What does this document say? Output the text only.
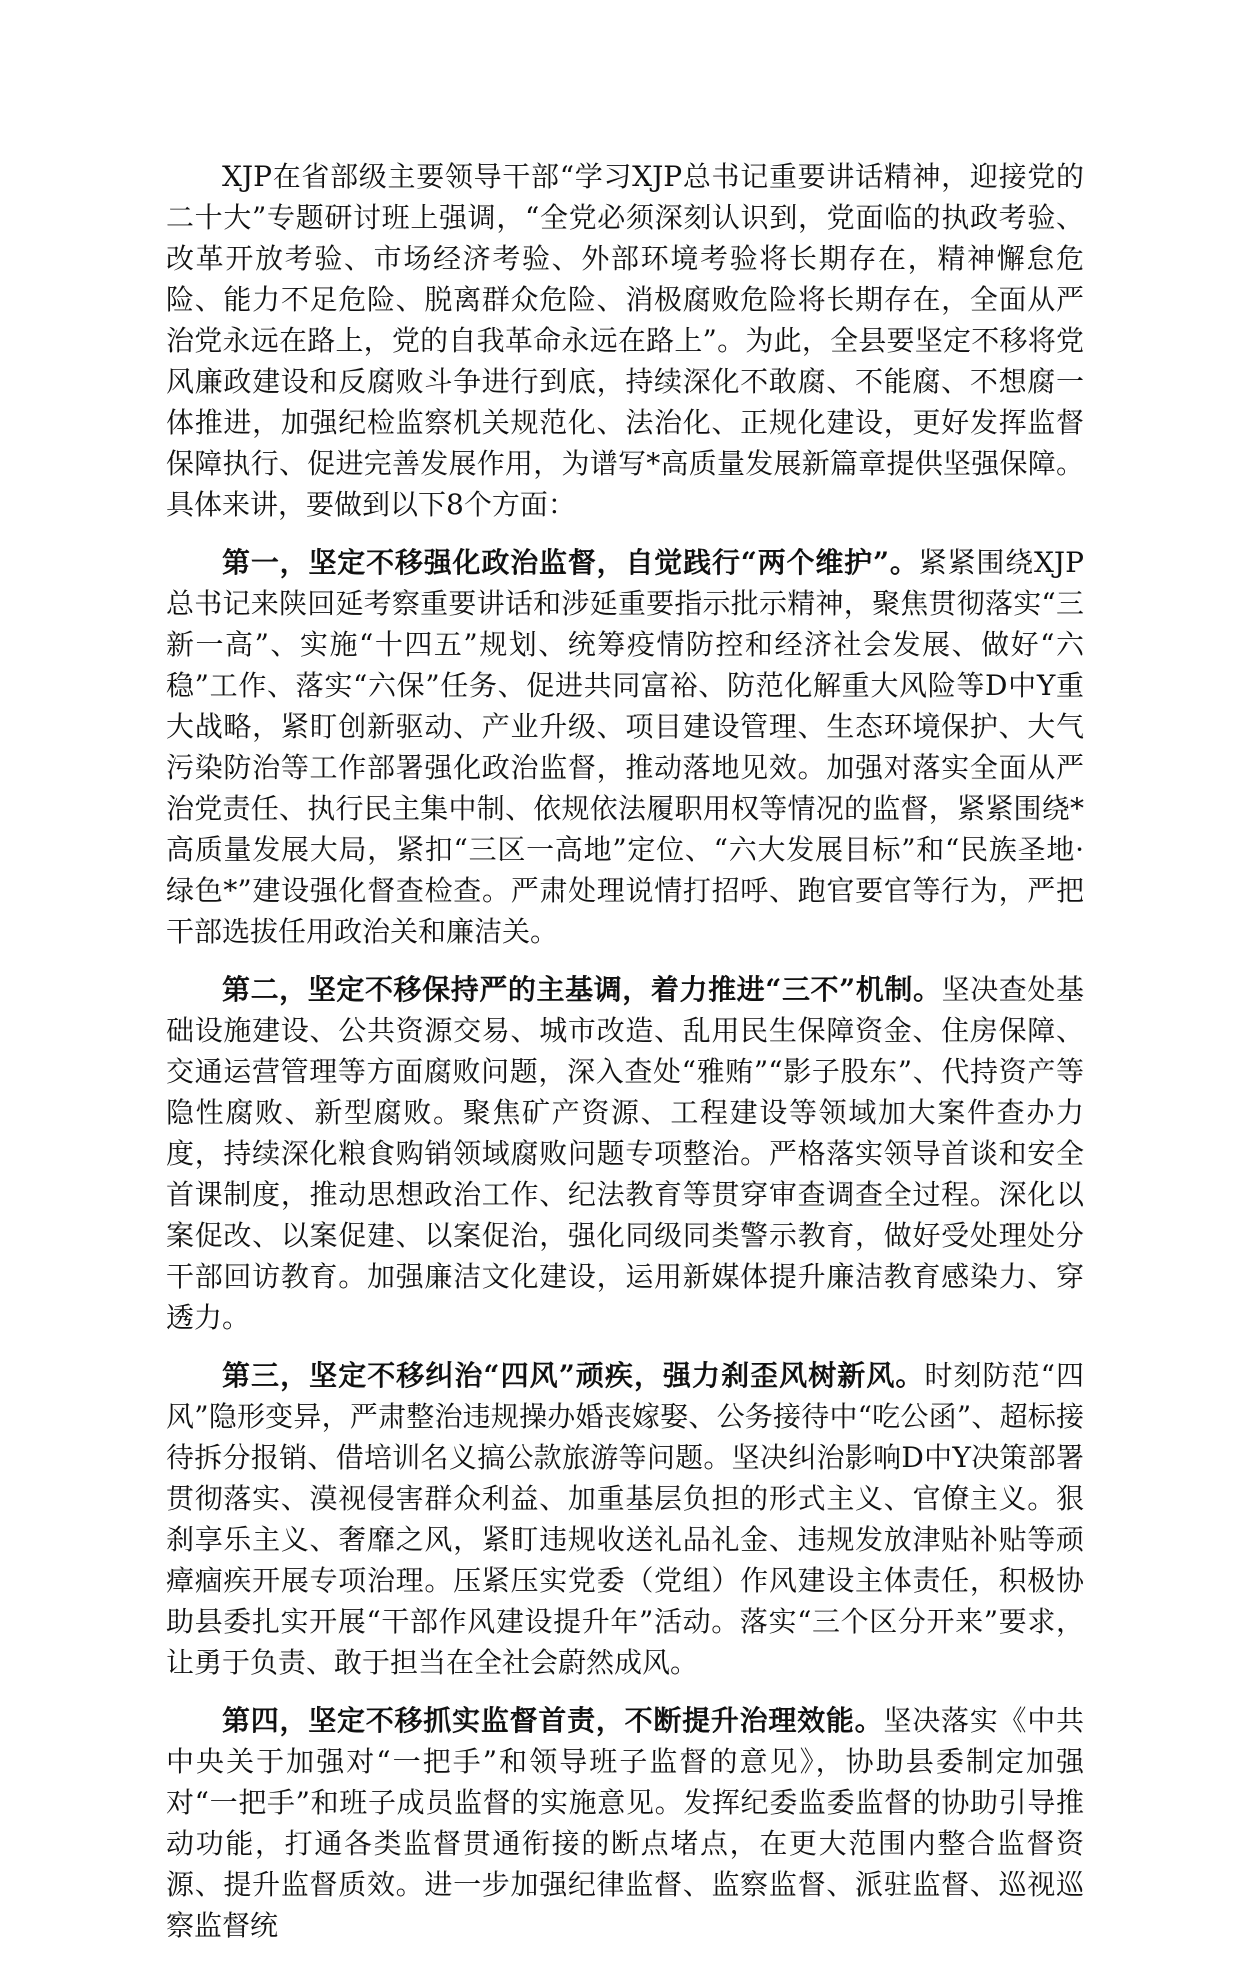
XJP在省部级主要领导干部“学习XJP总书记重要讲话精神，迎接党的二十大”专题研讨班上强调，“全党必须深刻认识到，党面临的执政考验、改革开放考验、市场经济考验、外部环境考验将长期存在，精神懈怠危险、能力不足危险、脱离群众危险、消极腐败危险将长期存在，全面从严治党永远在路上，党的自我革命永远在路上”。为此，全县要坚定不移将党风廉政建设和反腐败斗争进行到底，持续深化不敢腐、不能腐、不想腐一体推进，加强纪检监察机关规范化、法治化、正规化建设，更好发挥监督保障执行、促进完善发展作用，为谱写*高质量发展新篇章提供坚强保障。具体来讲，要做到以下8个方面：

第一，坚定不移强化政治监督，自觉践行“两个维护”。紧紧围绕XJP总书记来陕回延考察重要讲话和涉延重要指示批示精神，聚焦贯彻落实“三新一高”、实施“十四五”规划、统筹疫情防控和经济社会发展、做好“六稳”工作、落实“六保”任务、促进共同富裕、防范化解重大风险等D中Y重大战略，紧盯创新驱动、产业升级、项目建设管理、生态环境保护、大气污染防治等工作部署强化政治监督，推动落地见效。加强对落实全面从严治党责任、执行民主集中制、依规依法履职用权等情况的监督，紧紧围绕*高质量发展大局，紧扣“三区一高地”定位、“六大发展目标”和“民族圣地·绿色*”建设强化督查检查。严肃处理说情打招呼、跑官要官等行为，严把干部选拔任用政治关和廉洁关。

第二，坚定不移保持严的主基调，着力推进“三不”机制。坚决查处基础设施建设、公共资源交易、城市改造、乱用民生保障资金、住房保障、交通运营管理等方面腐败问题，深入查处“雅贿”“影子股东”、代持资产等隐性腐败、新型腐败。聚焦矿产资源、工程建设等领域加大案件查办力度，持续深化粮食购销领域腐败问题专项整治。严格落实领导首谈和安全首课制度，推动思想政治工作、纪法教育等贯穿审查调查全过程。深化以案促改、以案促建、以案促治，强化同级同类警示教育，做好受处理处分干部回访教育。加强廉洁文化建设，运用新媒体提升廉洁教育感染力、穿透力。

第三，坚定不移纠治“四风”顽疾，强力刹歪风树新风。时刻防范“四风”隐形变异，严肃整治违规操办婚丧嫁娶、公务接待中“吃公函”、超标接待拆分报销、借培训名义搞公款旅游等问题。坚决纠治影响D中Y决策部署贯彻落实、漠视侵害群众利益、加重基层负担的形式主义、官僚主义。狠刹享乐主义、奢靡之风，紧盯违规收送礼品礼金、违规发放津贴补贴等顽瘴痼疾开展专项治理。压紧压实党委（党组）作风建设主体责任，积极协助县委扎实开展“干部作风建设提升年”活动。落实“三个区分开来”要求，让勇于负责、敢于担当在全社会蔚然成风。

第四，坚定不移抓实监督首责，不断提升治理效能。坚决落实《中共中央关于加强对“一把手”和领导班子监督的意见》，协助县委制定加强对“一把手”和班子成员监督的实施意见。发挥纪委监委监督的协助引导推动功能，打通各类监督贯通衔接的断点堵点，在更大范围内整合监督资源、提升监督质效。进一步加强纪律监督、监察监督、派驻监督、巡视巡察监督统
